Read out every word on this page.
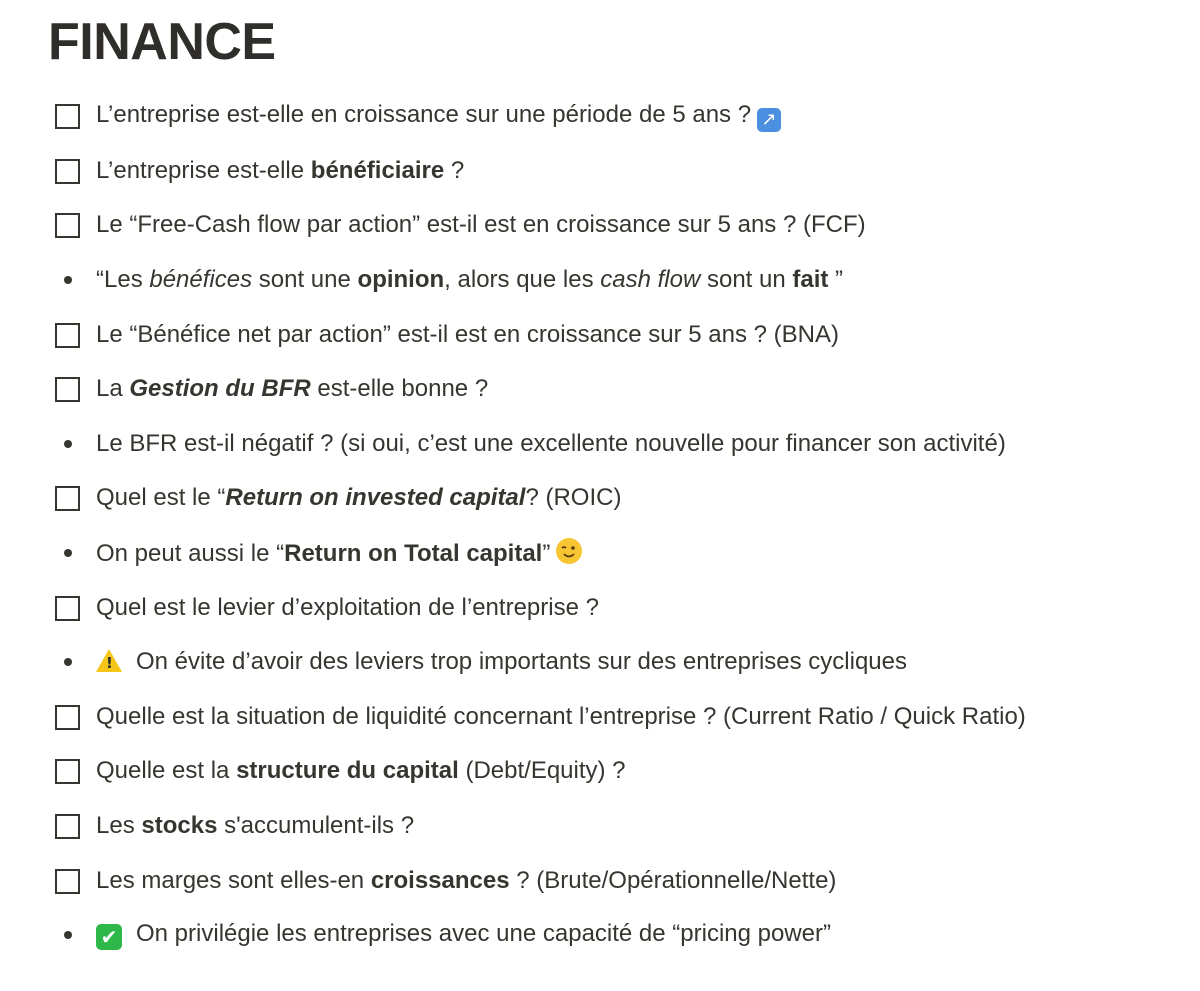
FINANCE
L’entreprise est-elle en croissance sur une période de 5 ans ? ↗
L’entreprise est-elle bénéficiaire ?
Le “Free-Cash flow par action” est-il est en croissance sur 5 ans ? (FCF)
“Les bénéfices sont une opinion, alors que les cash flow sont un fait ”
Le “Bénéfice net par action” est-il est en croissance sur 5 ans ? (BNA)
La Gestion du BFR est-elle bonne ?
Le BFR est-il négatif ? (si oui, c’est une excellente nouvelle pour financer son activité)
Quel est le “Return on invested capital? (ROIC)
On peut aussi le “Return on Total capital”
Quel est le levier d’exploitation de l’entreprise ?
! On évite d’avoir des leviers trop importants sur des entreprises cycliques
Quelle est la situation de liquidité concernant l’entreprise ? (Current Ratio / Quick Ratio)
Quelle est la structure du capital (Debt/Equity) ?
Les stocks s'accumulent-ils ?
Les marges sont elles-en croissances ? (Brute/Opérationnelle/Nette)
✔ On privilégie les entreprises avec une capacité de “pricing power”
